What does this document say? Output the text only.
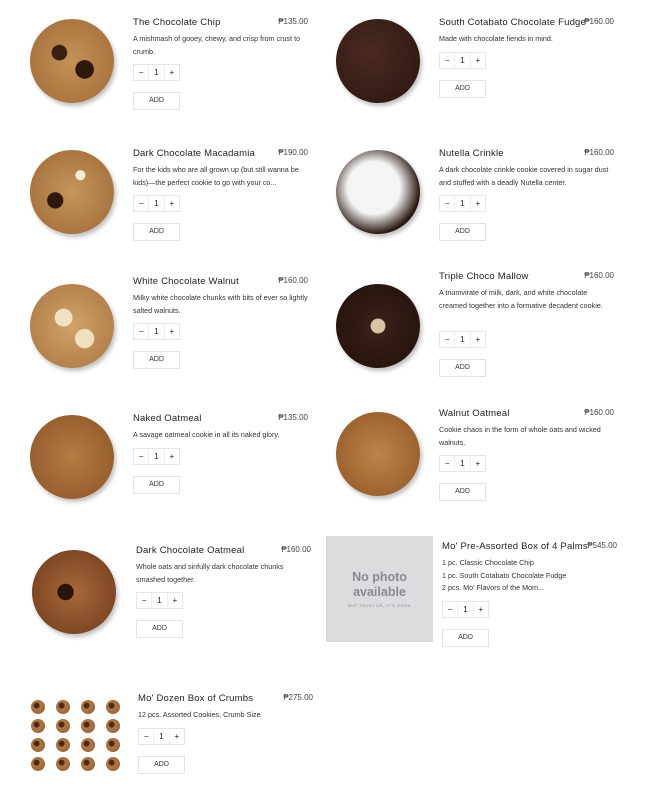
The Chocolate Chip	₱135.00
A mishmash of gooey, chewy, and crisp from crust to crumb.
−	1	+
ADD
South Cotabato Chocolate Fudge
₱160.00
Made with chocolate fiends in mind.
−	1	+
ADD
Dark Chocolate Macadamia	₱190.00
For the kids who are all grown up (but still wanna be kids)—the perfect cookie to go with your co...
−	1	+
ADD
Nutella Crinkle	₱160.00
A dark chocolate crinkle cookie covered in sugar dust and stuffed with a deadly Nutella center.
−	1	+
ADD
White Chocolate Walnut	₱160.00
Milky white chocolate chunks with bits of ever so lightly salted walnuts.
−	1	+
ADD
Triple Choco Mallow	₱160.00
A triumvirate of milk, dark, and white chocolate creamed together into a formative decadent cookie.
−	1	+
ADD
Naked Oatmeal	₱135.00
A savage oatmeal cookie in all its naked glory.
−	1	+
ADD
Walnut Oatmeal	₱160.00
Cookie chaos in the form of whole oats and wicked walnuts.
−	1	+
ADD
Dark Chocolate Oatmeal	₱160.00
Whole oats and sinfully dark chocolate chunks smashed together.
−	1	+
ADD
Mo' Pre-Assorted Box of 4 Palms ₱545.00
1 pc. Classic Chocolate Chip
1 pc. South Cotabato Chocolate Fudge
2 pcs. Mo' Flavors of the Mom...
−	1	+
ADD
Mo' Dozen Box of Crumbs	₱275.00
12 pcs. Assorted Cookies, Crumb Size
−	1	+
ADD
No photo available
BUT TRUST US, IT'S GOOD
